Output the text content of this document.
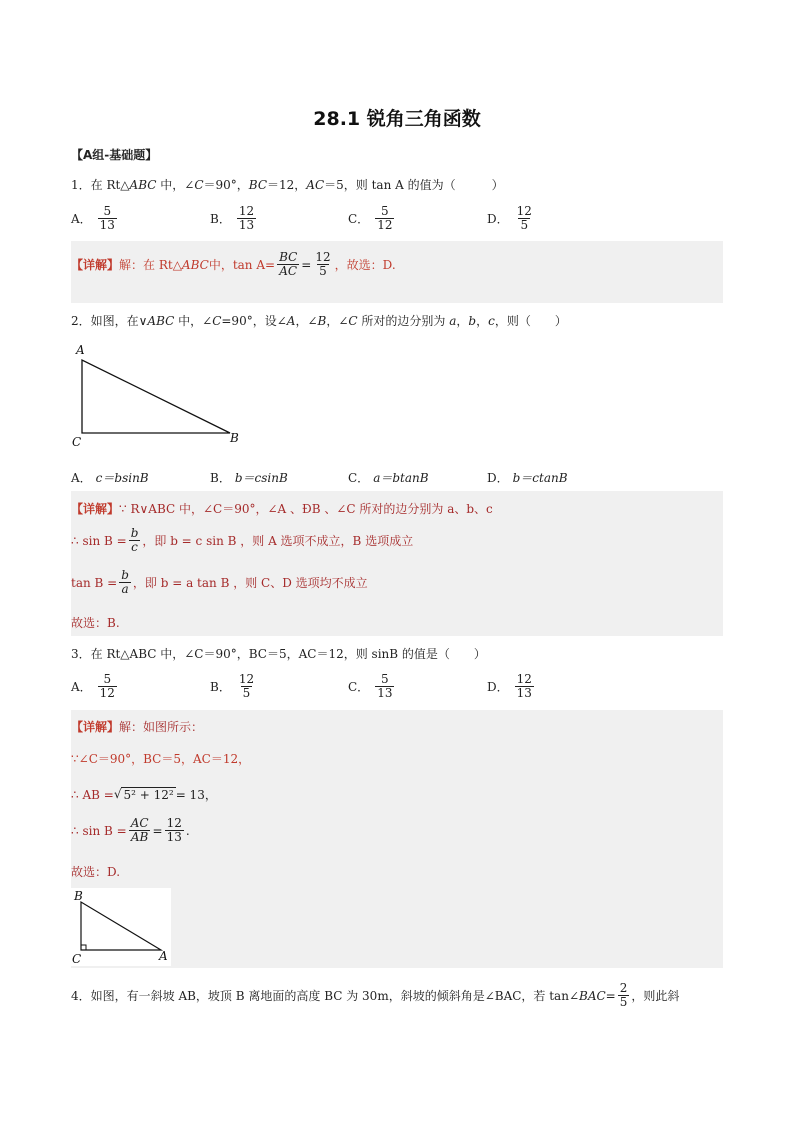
28.1 锐角三角函数
【A组-基础题】
1．在 Rt△ABC 中，∠C＝90°，BC＝12，AC＝5，则 tan A 的值为（　　　）
A． $\frac{5}{13}$	B． $\frac{12}{13}$	C． $\frac{5}{12}$	D． $\frac{12}{5}$
【详解】 解：在 Rt△ ABC 中，$\tan A= \frac{BC}{AC} = \frac{12}{5}$ ，故选：D.
2．如图，在∨ABC 中，∠C=90°，设∠A，∠B，∠C 所对的边分别为 a，b，c，则（　　）
A
C	B
A． c＝bsinB	B． b＝csinB	C． a＝btanB	D． b＝ctanB
【详解】 ∵ R∨ABC 中，∠C＝90°，∠A 、ÐB 、∠C 所对的边分别为 a、b、c
∴ $\sin B = \frac{b}{c}$ ，即 b = c sin B ，则 A 选项不成立，B 选项成立
$\tan B = \frac{b}{a}$ ，即 b = a tan B ，则 C、D 选项均不成立
故选：B.
3．在 Rt△ABC 中，∠C＝90°，BC＝5，AC＝12，则 sinB 的值是（　　）
A． $\frac{5}{12}$	B． $\frac{12}{5}$	C． $\frac{5}{13}$	D． $\frac{12}{13}$
【详解】 解：如图所示：
∵∠C＝90°，BC＝5，AC＝12，
∴ AB = √ 5² + 12² = 13，
∴ $\sin B = \frac{AC}{AB} = \frac{12}{13}$ .
故选：D.
B
C	A
4．如图，有一斜坡 AB，坡顶 B 离地面的高度 BC 为 30m，斜坡的倾斜角是∠BAC，若 tan∠ BAC = $\frac{2}{5}$ ，则此斜
